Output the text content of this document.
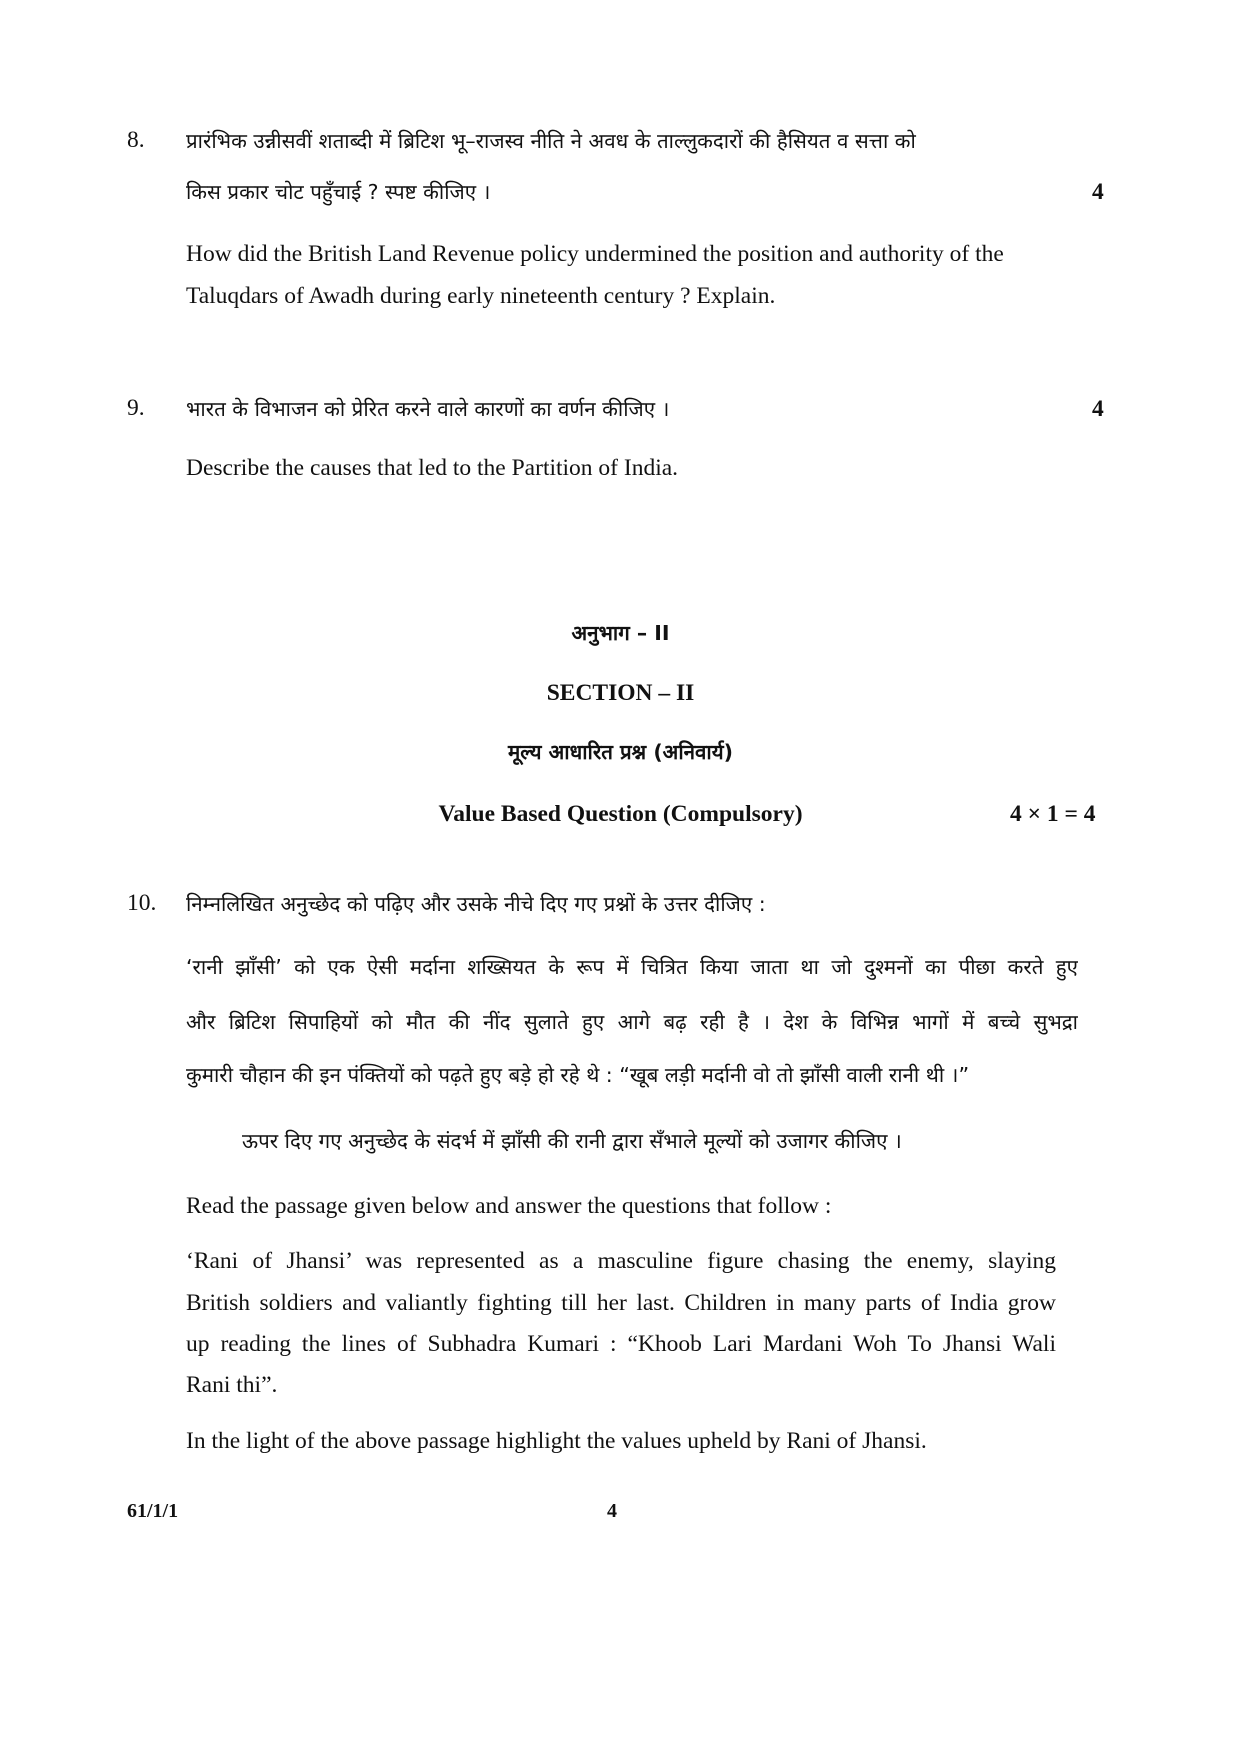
8. प्रारंभिक उन्नीसवीं शताब्दी में ब्रिटिश भू–राजस्व नीति ने अवध के ताल्लुकदारों की हैसियत व सत्ता को
किस प्रकार चोट पहुँचाई ? स्पष्ट कीजिए ।	4
How did the British Land Revenue policy undermined the position and authority of the
Taluqdars of Awadh during early nineteenth century ? Explain.
9. भारत के विभाजन को प्रेरित करने वाले कारणों का वर्णन कीजिए ।	4
Describe the causes that led to the Partition of India.
अनुभाग – II
SECTION – II
मूल्य आधारित प्रश्न (अनिवार्य)
Value Based Question (Compulsory)	4 × 1 = 4
10. निम्नलिखित अनुच्छेद को पढ़िए और उसके नीचे दिए गए प्रश्नों के उत्तर दीजिए :
‘रानी झाँसी’ को एक ऐसी मर्दाना शख्सियत के रूप में चित्रित किया जाता था जो दुश्मनों का पीछा करते हुए
और ब्रिटिश सिपाहियों को मौत की नींद सुलाते हुए आगे बढ़ रही है । देश के विभिन्न भागों में बच्चे सुभद्रा
कुमारी चौहान की इन पंक्तियों को पढ़ते हुए बड़े हो रहे थे : “खूब लड़ी मर्दानी वो तो झाँसी वाली रानी थी ।”
ऊपर दिए गए अनुच्छेद के संदर्भ में झाँसी की रानी द्वारा सँभाले मूल्यों को उजागर कीजिए ।
Read the passage given below and answer the questions that follow :
‘Rani of Jhansi’ was represented as a masculine figure chasing the enemy, slaying
British soldiers and valiantly fighting till her last. Children in many parts of India grow
up reading the lines of Subhadra Kumari : “Khoob Lari Mardani Woh To Jhansi Wali
Rani thi”.
In the light of the above passage highlight the values upheld by Rani of Jhansi.
61/1/1	4
